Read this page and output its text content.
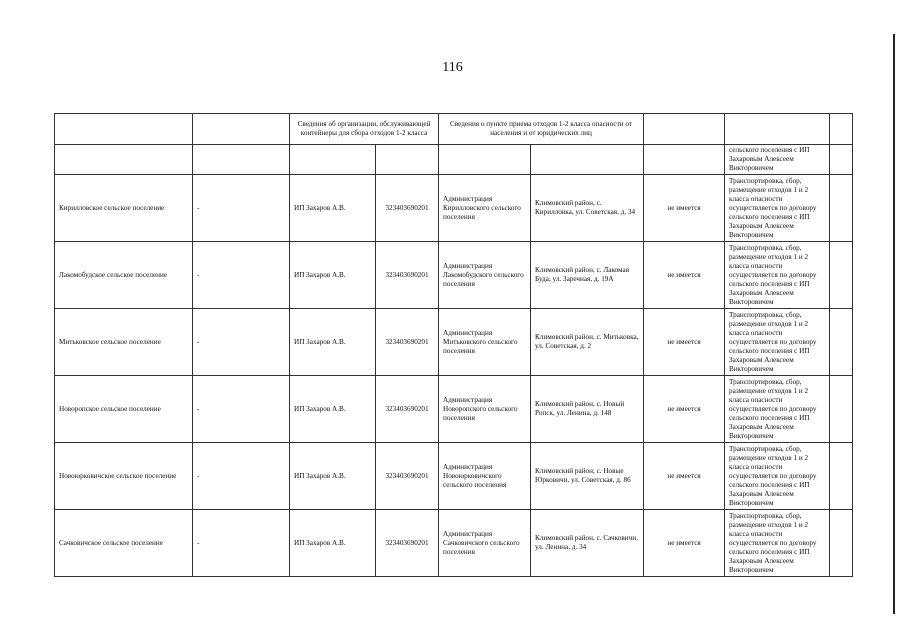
116
		Сведения об организации, обслуживающей контейнеры для сбора отходов 1-2 класса		Сведения о пункте приема отходов 1-2 класса опасности от населения и от юридических лиц				
							сельского поселения с ИП Захаровым Алексеем Викторовичем	
Кирилловское сельское поселение	-	ИП Захаров А.В.	323403690201	Администрация Кирилловского сельского поселения	Климовский район, с. Кирилловка, ул. Советская, д. 34	не имеется	Транспортировка, сбор, размещение отходов 1 и 2 класса опасности осуществляется по договору сельского поселения с ИП Захаровым Алексеем Викторовичем	
Лакомобудское сельское поселение	-	ИП Захаров А.В.	323403690201	Администрация Лакомобудского сельского поселения	Климовский район, с. Лакомая Буда, ул. Заречная, д. 19А	не имеется	Транспортировка, сбор, размещение отходов 1 и 2 класса опасности осуществляется по договору сельского поселения с ИП Захаровым Алексеем Викторовичем	
Митьковское сельское поселение	-	ИП Захаров А.В.	323403690201	Администрация Митьковского сельского поселения	Климовский район, с. Митьковка, ул. Советская, д. 2	не имеется	Транспортировка, сбор, размещение отходов 1 и 2 класса опасности осуществляется по договору сельского поселения с ИП Захаровым Алексеем Викторовичем	
Новоропское сельское поселение	-	ИП Захаров А.В.	323403690201	Администрация Новоропского сельского поселения	Климовский район, с. Новый Ропск, ул. Ленина, д. 148	не имеется	Транспортировка, сбор, размещение отходов 1 и 2 класса опасности осуществляется по договору сельского поселения с ИП Захаровым Алексеем Викторовичем	
Новоюрковичское сельское поселение	-	ИП Захаров А.В.	323403690201	Администрация Новоюрковичского сельского поселения	Климовский район, с. Новые Юрковичи, ул. Советская, д. 86	не имеется	Транспортировка, сбор, размещение отходов 1 и 2 класса опасности осуществляется по договору сельского поселения с ИП Захаровым Алексеем Викторовичем	
Сачковичское сельское поселение	-	ИП Захаров А.В.	323403690201	Администрация Сачковичского сельского поселения	Климовский район, с. Сачковичи, ул. Ленина, д. 34	не имеется	Транспортировка, сбор, размещение отходов 1 и 2 класса опасности осуществляется по договору сельского поселения с ИП Захаровым Алексеем Викторовичем	
